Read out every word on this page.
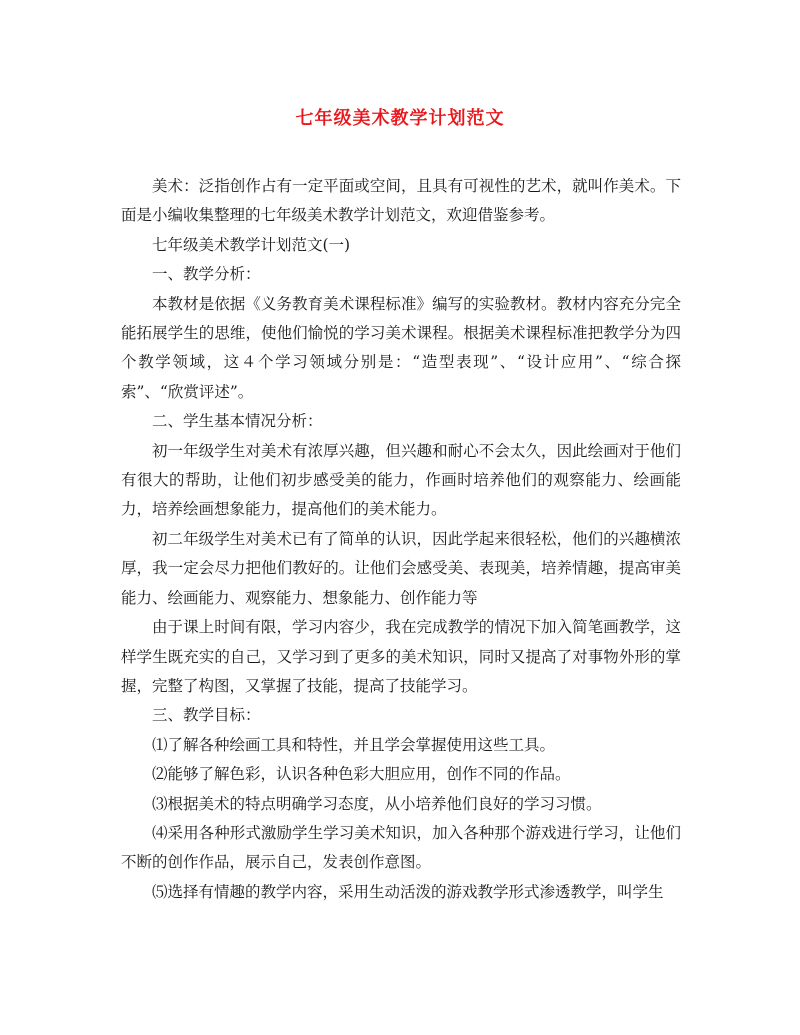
七年级美术教学计划范文

美术：泛指创作占有一定平面或空间，且具有可视性的艺术，就叫作美术。下面是小编收集整理的七年级美术教学计划范文，欢迎借鉴参考。

七年级美术教学计划范文(一)

一、教学分析：

本教材是依据《义务教育美术课程标准》编写的实验教材。教材内容充分完全能拓展学生的思维，使他们愉悦的学习美术课程。根据美术课程标准把教学分为四个教学领域，这４个学习领域分别是：“造型表现”、“设计应用”、“综合探索”、“欣赏评述”。

二、学生基本情况分析：

初一年级学生对美术有浓厚兴趣，但兴趣和耐心不会太久，因此绘画对于他们有很大的帮助，让他们初步感受美的能力，作画时培养他们的观察能力、绘画能力，培养绘画想象能力，提高他们的美术能力。

初二年级学生对美术已有了简单的认识，因此学起来很轻松，他们的兴趣横浓厚，我一定会尽力把他们教好的。让他们会感受美、表现美，培养情趣，提高审美能力、绘画能力、观察能力、想象能力、创作能力等

由于课上时间有限，学习内容少，我在完成教学的情况下加入简笔画教学，这样学生既充实的自己，又学习到了更多的美术知识，同时又提高了对事物外形的掌握，完整了构图，又掌握了技能，提高了技能学习。

三、教学目标：

⑴了解各种绘画工具和特性，并且学会掌握使用这些工具。

⑵能够了解色彩，认识各种色彩大胆应用，创作不同的作品。

⑶根据美术的特点明确学习态度，从小培养他们良好的学习习惯。

⑷采用各种形式激励学生学习美术知识，加入各种那个游戏进行学习，让他们不断的创作作品，展示自己，发表创作意图。

⑸选择有情趣的教学内容，采用生动活泼的游戏教学形式渗透教学，叫学生
